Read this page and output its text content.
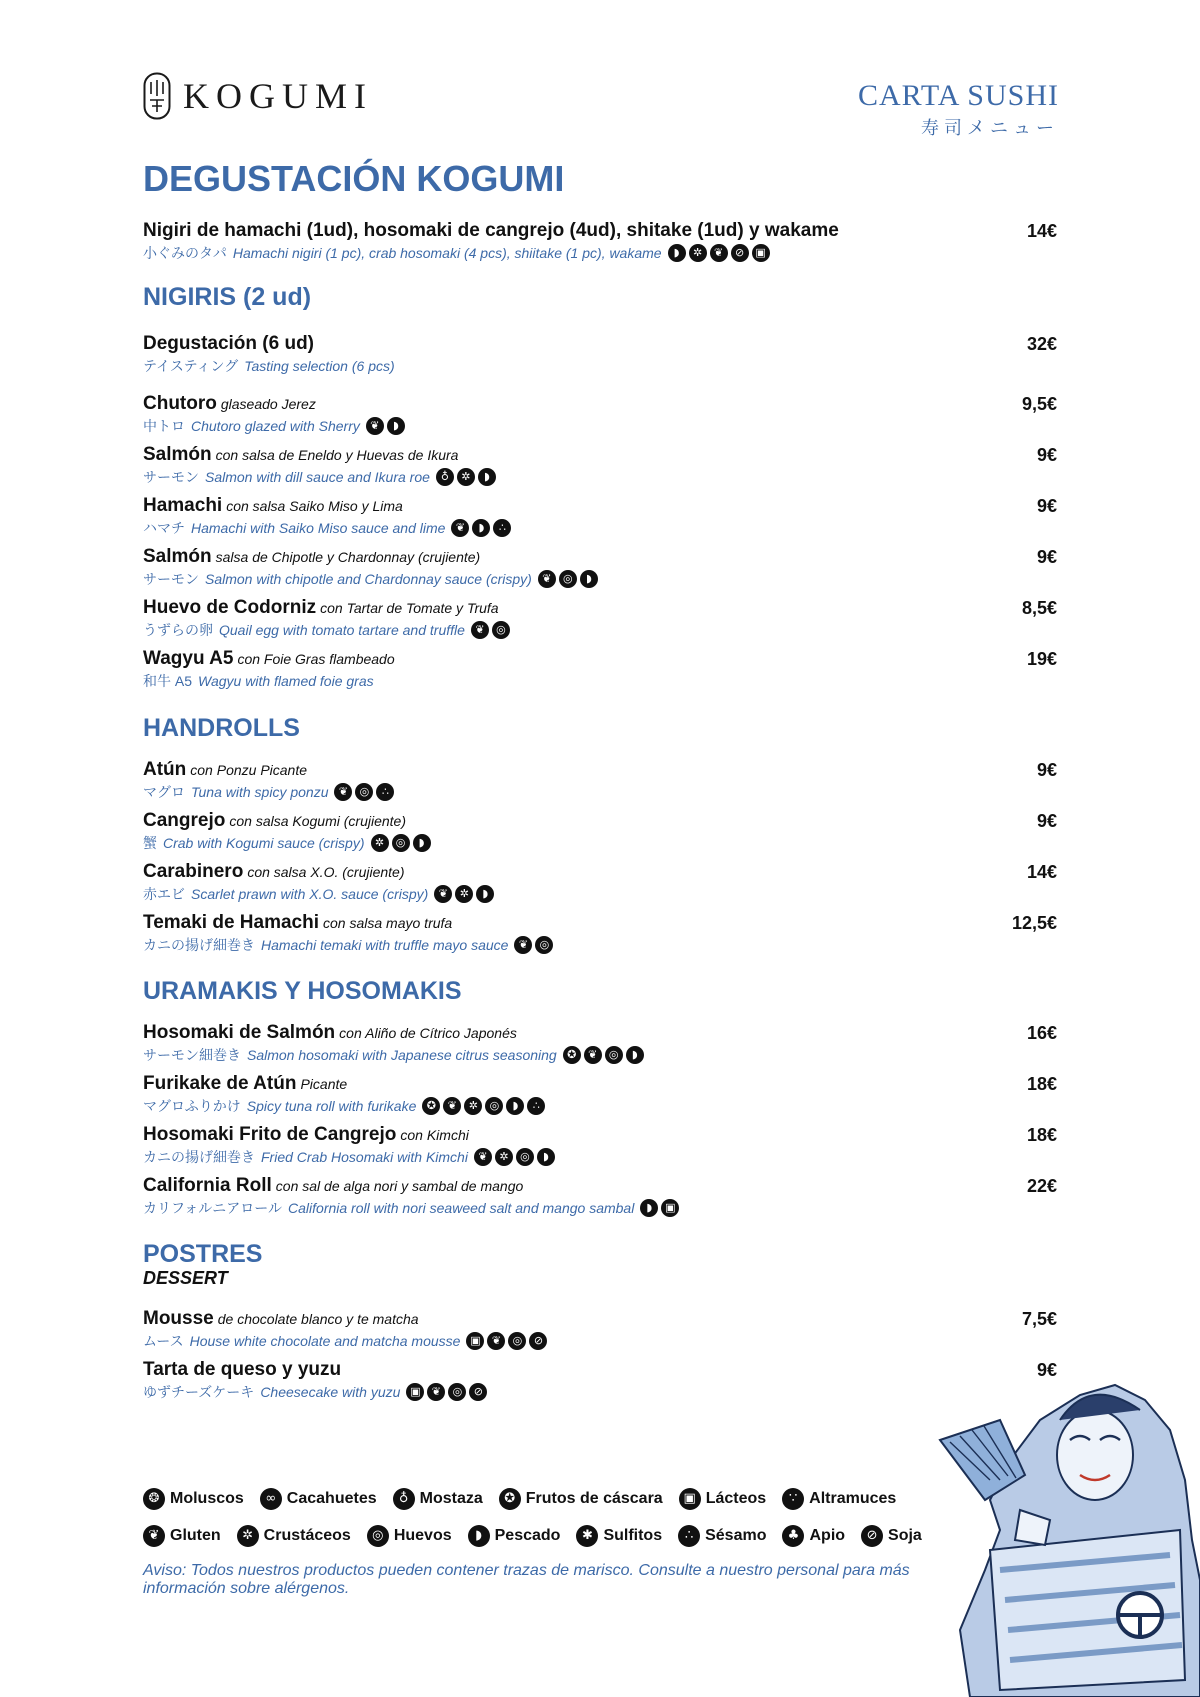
KOGUMI	CARTA SUSHI
寿司メニュー
DEGUSTACIÓN KOGUMI
Nigiri de hamachi (1ud), hosomaki de cangrejo (4ud), shitake (1ud) y wakame	14€
小ぐみのタパ Hamachi nigiri (1 pc), crab hosomaki (4 pcs), shiitake (1 pc), wakame	◗	✲	❦	⊘	▣
NIGIRIS (2 ud)
Degustación (6 ud)	32€
テイスティング Tasting selection (6 pcs)
Chutoro glaseado Jerez	9,5€
中トロ Chutoro glazed with Sherry ❦	◗
Salmón con salsa de Eneldo y Huevas de Ikura	9€
サーモン Salmon with dill sauce and Ikura roe ♁	✲	◗
Hamachi con salsa Saiko Miso y Lima	9€
ハマチ Hamachi with Saiko Miso sauce and lime ❦	◗	∴
Salmón salsa de Chipotle y Chardonnay (crujiente)	9€
サーモン Salmon with chipotle and Chardonnay sauce (crispy) ❦	◎	◗
Huevo de Codorniz con Tartar de Tomate y Trufa	8,5€
うずらの卵 Quail egg with tomato tartare and truffle ❦	◎
Wagyu A5 con Foie Gras flambeado	19€
和牛 A5 Wagyu with flamed foie gras
HANDROLLS
Atún con Ponzu Picante	9€
マグロ Tuna with spicy ponzu ❦	◎	∴
Cangrejo con salsa Kogumi (crujiente)	9€
蟹 Crab with Kogumi sauce (crispy) ✲	◎	◗
Carabinero con salsa X.O. (crujiente)	14€
赤エビ Scarlet prawn with X.O. sauce (crispy) ❦	✲	◗
Temaki de Hamachi con salsa mayo trufa	12,5€
カニの揚げ細巻き Hamachi temaki with truffle mayo sauce ❦	◎
URAMAKIS Y HOSOMAKIS
Hosomaki de Salmón con Aliño de Cítrico Japonés	16€
サーモン細巻き Salmon hosomaki with Japanese citrus seasoning ✪	❦	◎	◗
Furikake de Atún Picante	18€
マグロふりかけ Spicy tuna roll with furikake ✪	❦	✲	◎	◗	∴
Hosomaki Frito de Cangrejo con Kimchi	18€
カニの揚げ細巻き Fried Crab Hosomaki with Kimchi ❦	✲	◎	◗
California Roll con sal de alga nori y sambal de mango	22€
カリフォルニアロール California roll with nori seaweed salt and mango sambal	◗	▣
POSTRES
DESSERT
Mousse de chocolate blanco y te matcha	7,5€
ムース House white chocolate and matcha mousse ▣	❦	◎	⊘
Tarta de queso y yuzu	9€
ゆずチーズケーキ Cheesecake with yuzu ▣	❦	◎	⊘
❂ Moluscos	∞ Cacahuetes	♁ Mostaza	✪ Frutos de cáscara	▣ Lácteos	∵ Altramuces
❦ Gluten	✲ Crustáceos	◎ Huevos	◗ Pescado	✱ Sulfitos	∴ Sésamo	♣ Apio	⊘ Soja
Aviso: Todos nuestros productos pueden contener trazas de marisco. Consulte a nuestro personal para más información sobre alérgenos.
